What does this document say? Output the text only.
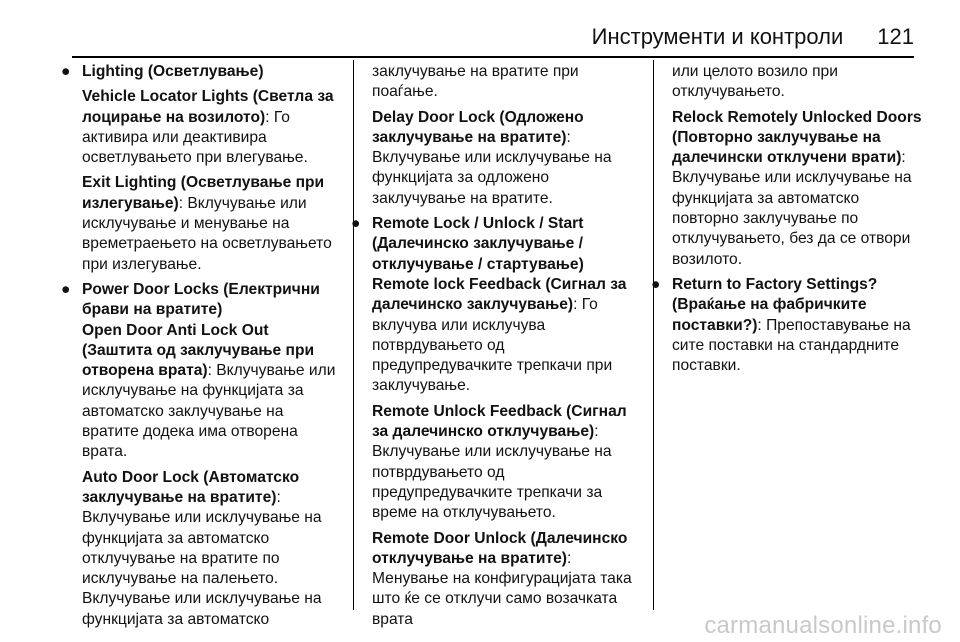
Инструменти и контроли 121
● Lighting (Осветлување)

Vehicle Locator Lights (Светла за лоцирање на возилото): Го активира или деактивира осветлувањето при влегување.

Exit Lighting (Осветлување при излегување): Вклучување или исклучување и менување на времетраењето на осветлувањето при излегување.

● Power Door Locks (Електрични брави на вратите)

Open Door Anti Lock Out (Заштита од заклучување при отворена врата): Вклучување или исклучување на функцијата за автоматско заклучување на вратите додека има отворена врата.

Auto Door Lock (Автоматско заклучување на вратите): Вклучување или исклучување на функцијата за автоматско отклучување на вратите по исклучување на палењето. Вклучување или исклучување на функцијата за автоматско

заклучување на вратите при поаѓање.

Delay Door Lock (Одложено заклучување на вратите): Вклучување или исклучување на функцијата за одложено заклучување на вратите.

● Remote Lock / Unlock / Start (Далечинско заклучување / отклучување / стартување)

Remote lock Feedback (Сигнал за далечинско заклучување): Го вклучува или исклучува потврдувањето од предупредувачките трепкачи при заклучување.

Remote Unlock Feedback (Сигнал за далечинско отклучување): Вклучување или исклучување на потврдувањето од предупредувачките трепкачи за време на отклучувањето.

Remote Door Unlock (Далечинско отклучување на вратите): Менување на конфигурацијата така што ќе се отклучи само возачката врата

или целото возило при отклучувањето.

Relock Remotely Unlocked Doors (Повторно заклучување на далечински отклучени врати): Вклучување или исклучување на функцијата за автоматско повторно заклучување по отклучувањето, без да се отвори возилото.

● Return to Factory Settings? (Враќање на фабричките поставки?): Препоставување на сите поставки на стандардните поставки.
carmanualsonline.info
